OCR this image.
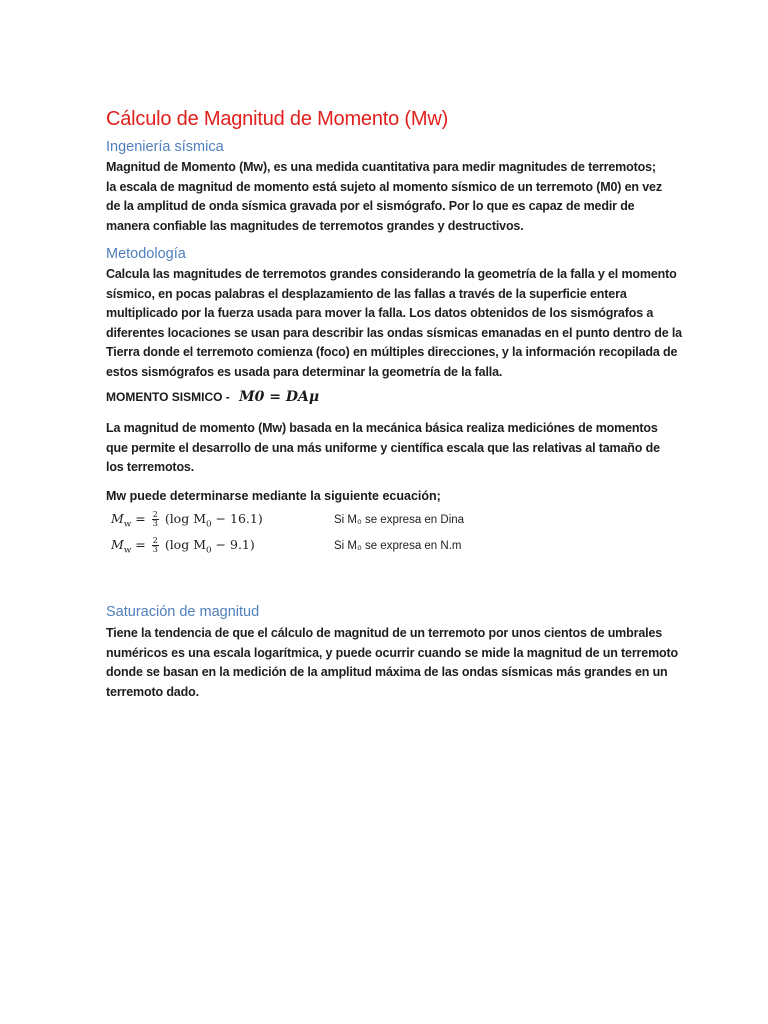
Cálculo de Magnitud de Momento (Mw)
Ingeniería sísmica
Magnitud de Momento (Mw), es una medida cuantitativa para medir magnitudes de terremotos;
la escala de magnitud de momento está sujeto al momento sísmico de un terremoto (M0) en vez
de la amplitud de onda sísmica gravada por el sismógrafo. Por lo que es capaz de medir de
manera confiable las magnitudes de terremotos grandes y destructivos.
Metodología
Calcula las magnitudes de terremotos grandes considerando la geometría de la falla y el momento
sísmico, en pocas palabras el desplazamiento de las fallas a través de la superficie entera
multiplicado por la fuerza usada para mover la falla. Los datos obtenidos de los sismógrafos a
diferentes locaciones se usan para describir las ondas sísmicas emanadas en el punto dentro de la
Tierra donde el terremoto comienza (foco) en múltiples direcciones, y la información recopilada de
estos sismógrafos es usada para determinar la geometría de la falla.
MOMENTO SISMICO - M0 = DAμ
La magnitud de momento (Mw) basada en la mecánica básica realiza mediciónes de momentos
que permite el desarrollo de una más uniforme y científica escala que las relativas al tamaño de
los terremotos.
Mw puede determinarse mediante la siguiente ecuación;
$M_w = \frac{2}{3} (\log$ $M_0 - 16.1$)	Si M₀ se expresa en Dina
$M_w = \frac{2}{3} (\log$ $M_0 - 9.1$)	Si M₀ se expresa en N.m
Saturación de magnitud
Tiene la tendencia de que el cálculo de magnitud de un terremoto por unos cientos de umbrales
numéricos es una escala logarítmica, y puede ocurrir cuando se mide la magnitud de un terremoto
donde se basan en la medición de la amplitud máxima de las ondas sísmicas más grandes en un
terremoto dado.
